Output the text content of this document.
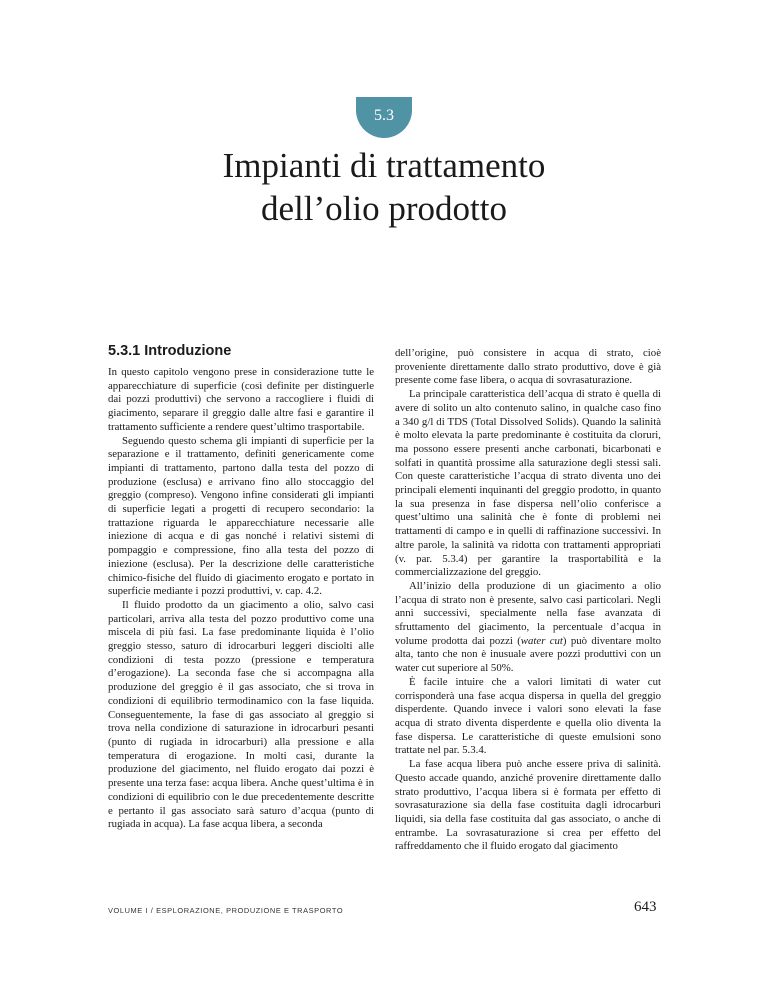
5.3
Impianti di trattamento
dell’olio prodotto
5.3.1 Introduzione

In questo capitolo vengono prese in considerazione tutte le apparecchiature di superficie (così definite per distinguerle dai pozzi produttivi) che servono a raccogliere i fluidi di giacimento, separare il greggio dalle altre fasi e garantire il trattamento sufficiente a rendere quest’ultimo trasportabile.

Seguendo questo schema gli impianti di superficie per la separazione e il trattamento, definiti genericamente come impianti di trattamento, partono dalla testa del pozzo di produzione (esclusa) e arrivano fino allo stoccaggio del greggio (compreso). Vengono infine considerati gli impianti di superficie legati a progetti di recupero secondario: la trattazione riguarda le apparecchiature necessarie alle iniezione di acqua e di gas nonché i relativi sistemi di pompaggio e compressione, fino alla testa del pozzo di iniezione (esclusa). Per la descrizione delle caratteristiche chimico-fisiche del fluido di giacimento erogato e portato in superficie mediante i pozzi produttivi, v. cap. 4.2.

Il fluido prodotto da un giacimento a olio, salvo casi particolari, arriva alla testa del pozzo produttivo come una miscela di più fasi. La fase predominante liquida è l’olio greggio stesso, saturo di idrocarburi leggeri disciolti alle condizioni di testa pozzo (pressione e temperatura d’erogazione). La seconda fase che si accompagna alla produzione del greggio è il gas associato, che si trova in condizioni di equilibrio termodinamico con la fase liquida. Conseguentemente, la fase di gas associato al greggio si trova nella condizione di saturazione in idrocarburi pesanti (punto di rugiada in idrocarburi) alla pressione e alla temperatura di erogazione. In molti casi, durante la produzione del giacimento, nel fluido erogato dai pozzi è presente una terza fase: acqua libera. Anche quest’ultima è in condizioni di equilibrio con le due precedentemente descritte e pertanto il gas associato sarà saturo d’acqua (punto di rugiada in acqua). La fase acqua libera, a seconda

dell’origine, può consistere in acqua di strato, cioè proveniente direttamente dallo strato produttivo, dove è già presente come fase libera, o acqua di sovrasaturazione.

La principale caratteristica dell’acqua di strato è quella di avere di solito un alto contenuto salino, in qualche caso fino a 340 g/l di TDS (Total Dissolved Solids). Quando la salinità è molto elevata la parte predominante è costituita da cloruri, ma possono essere presenti anche carbonati, bicarbonati e solfati in quantità prossime alla saturazione degli stessi sali. Con queste caratteristiche l’acqua di strato diventa uno dei principali elementi inquinanti del greggio prodotto, in quanto la sua presenza in fase dispersa nell’olio conferisce a quest’ultimo una salinità che è fonte di problemi nei trattamenti di campo e in quelli di raffinazione successivi. In altre parole, la salinità va ridotta con trattamenti appropriati (v. par. 5.3.4) per garantire la trasportabilità e la commercializzazione del greggio.

All’inizio della produzione di un giacimento a olio l’acqua di strato non è presente, salvo casi particolari. Negli anni successivi, specialmente nella fase avanzata di sfruttamento del giacimento, la percentuale d’acqua in volume prodotta dai pozzi (water cut) può diventare molto alta, tanto che non è inusuale avere pozzi produttivi con un water cut superiore al 50%.

È facile intuire che a valori limitati di water cut corrisponderà una fase acqua dispersa in quella del greggio disperdente. Quando invece i valori sono elevati la fase acqua di strato diventa disperdente e quella olio diventa la fase dispersa. Le caratteristiche di queste emulsioni sono trattate nel par. 5.3.4.

La fase acqua libera può anche essere priva di salinità. Questo accade quando, anziché provenire direttamente dallo strato produttivo, l’acqua libera si è formata per effetto di sovrasaturazione sia della fase costituita dagli idrocarburi liquidi, sia della fase costituita dal gas associato, o anche di entrambe. La sovrasaturazione si crea per effetto del raffreddamento che il fluido erogato dal giacimento

VOLUME I / ESPLORAZIONE, PRODUZIONE E TRASPORTO	643
